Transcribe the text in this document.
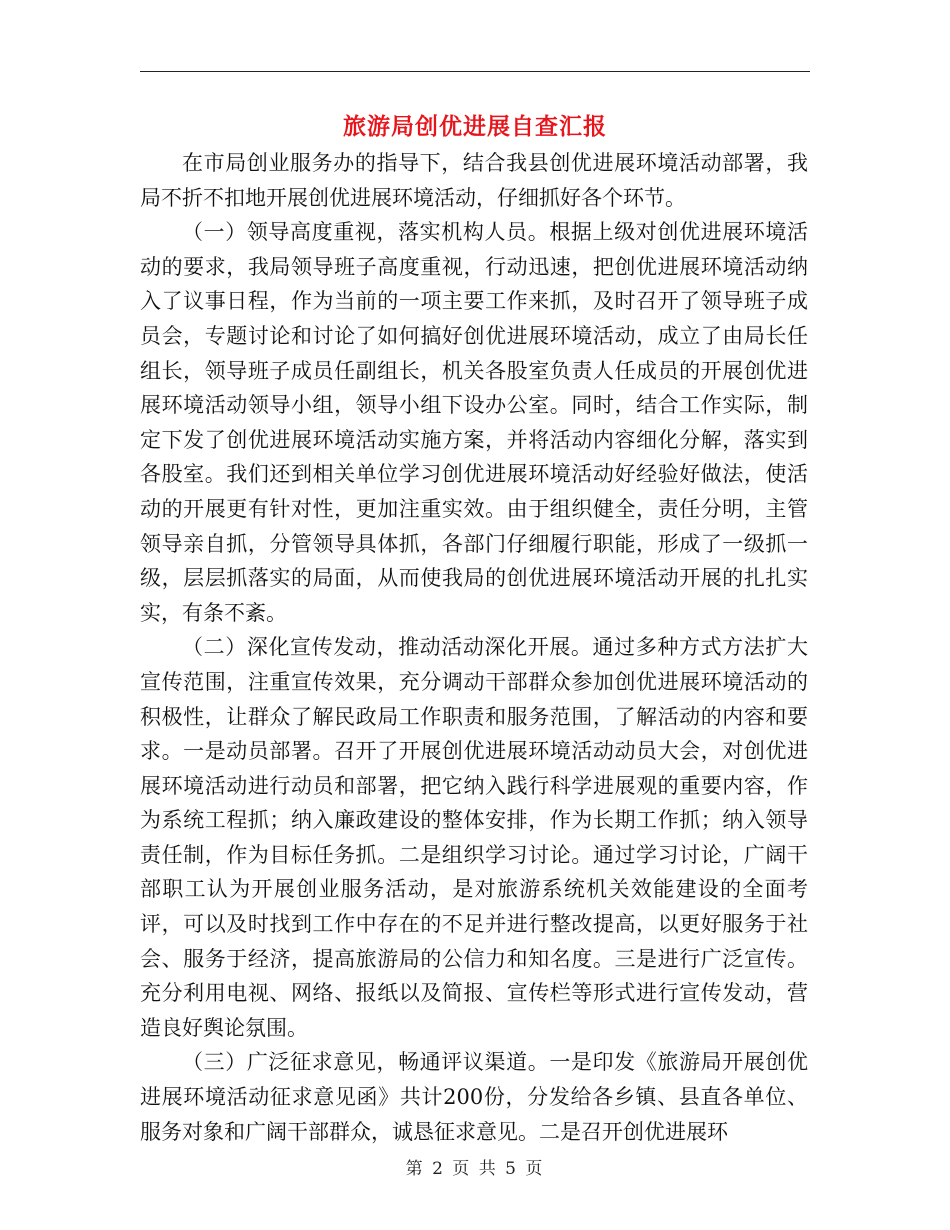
旅游局创优进展自查汇报

在市局创业服务办的指导下，结合我县创优进展环境活动部署，我局不折不扣地开展创优进展环境活动，仔细抓好各个环节。

（一）领导高度重视，落实机构人员。根据上级对创优进展环境活动的要求，我局领导班子高度重视，行动迅速，把创优进展环境活动纳入了议事日程，作为当前的一项主要工作来抓，及时召开了领导班子成员会，专题讨论和讨论了如何搞好创优进展环境活动，成立了由局长任组长，领导班子成员任副组长，机关各股室负责人任成员的开展创优进展环境活动领导小组，领导小组下设办公室。同时，结合工作实际，制定下发了创优进展环境活动实施方案，并将活动内容细化分解，落实到各股室。我们还到相关单位学习创优进展环境活动好经验好做法，使活动的开展更有针对性，更加注重实效。由于组织健全，责任分明，主管领导亲自抓，分管领导具体抓，各部门仔细履行职能，形成了一级抓一级，层层抓落实的局面，从而使我局的创优进展环境活动开展的扎扎实实，有条不紊。

（二）深化宣传发动，推动活动深化开展。通过多种方式方法扩大宣传范围，注重宣传效果，充分调动干部群众参加创优进展环境活动的积极性，让群众了解民政局工作职责和服务范围，了解活动的内容和要求。一是动员部署。召开了开展创优进展环境活动动员大会，对创优进展环境活动进行动员和部署，把它纳入践行科学进展观的重要内容，作为系统工程抓；纳入廉政建设的整体安排，作为长期工作抓；纳入领导责任制，作为目标任务抓。二是组织学习讨论。通过学习讨论，广阔干部职工认为开展创业服务活动，是对旅游系统机关效能建设的全面考评，可以及时找到工作中存在的不足并进行整改提高，以更好服务于社会、服务于经济，提高旅游局的公信力和知名度。三是进行广泛宣传。充分利用电视、网络、报纸以及简报、宣传栏等形式进行宣传发动，营造良好舆论氛围。

（三）广泛征求意见，畅通评议渠道。一是印发《旅游局开展创优进展环境活动征求意见函》共计200份，分发给各乡镇、县直各单位、服务对象和广阔干部群众，诚恳征求意见。二是召开创优进展环

第 2 页 共 5 页
